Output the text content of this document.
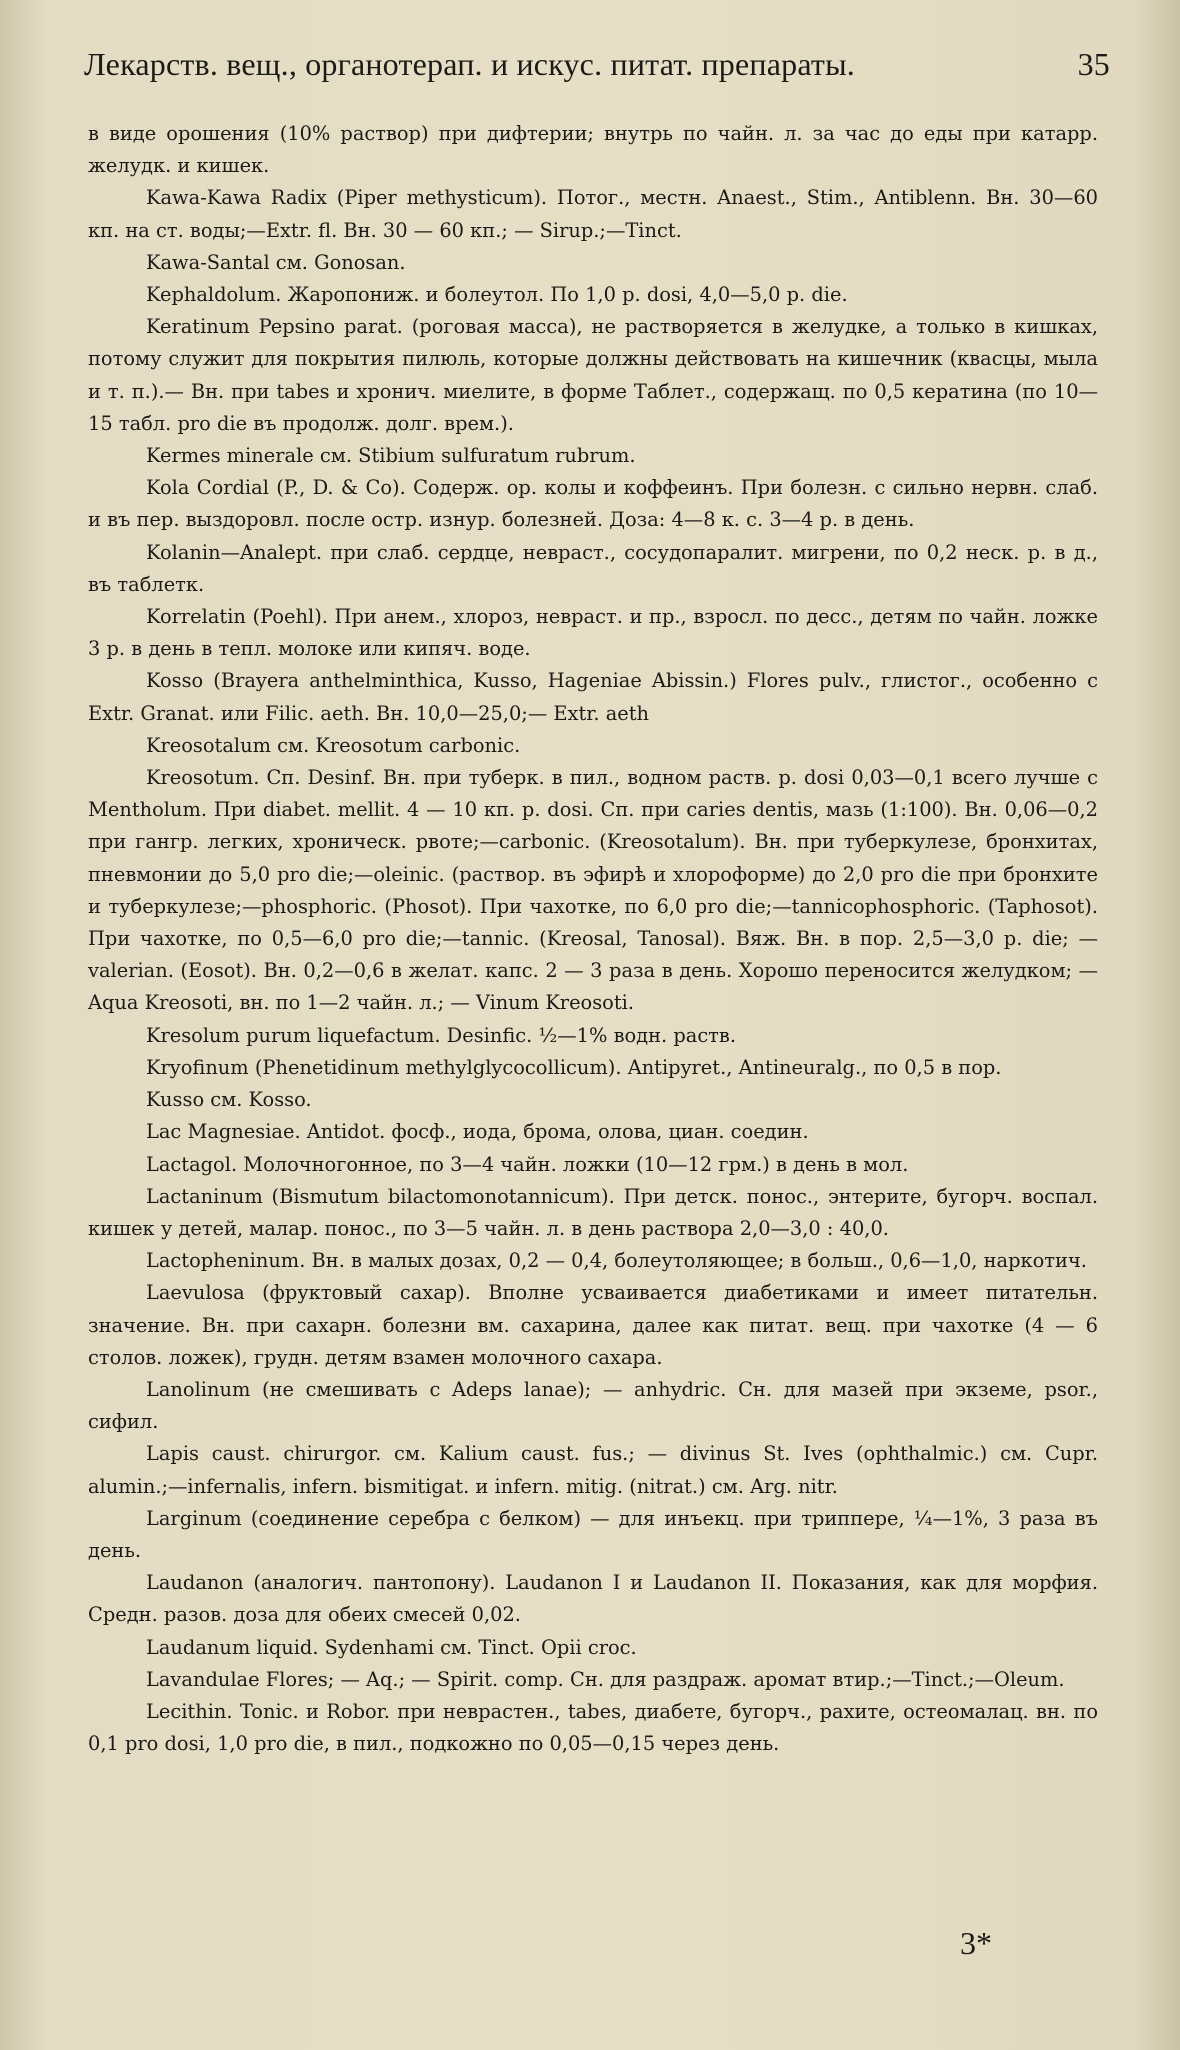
Лекарств. вещ., органотерап. и искус. питат. препараты.	35

в виде орошения (10% раствор) при дифтерии; внутрь по чайн. л. за час до еды при катарр. желудк. и кишек.

Kawa-Kawa Radix (Piper methysticum). Потог., местн. Anaest., Stim., Antiblenn. Вн. 30—60 кп. на ст. воды;—Extr. fl. Вн. 30 — 60 кп.; — Sirup.;—Tinct.

Kawa-Santal см. Gonosan.

Kephaldolum. Жаропониж. и болеутол. По 1,0 p. dosi, 4,0—5,0 p. die.

Keratinum Pepsino parat. (роговая масса), не растворяется в желудке, а только в кишках, потому служит для покрытия пилюль, которые должны действовать на кишечник (квасцы, мыла и т. п.).— Вн. при tabes и хронич. миелите, в форме Таблет., содержащ. по 0,5 кератина (по 10—15 табл. pro die въ продолж. долг. врем.).

Kermes minerale см. Stibium sulfuratum rubrum.

Kola Cordial (P., D. & Co). Содерж. ор. колы и коффеинъ. При болезн. с сильно нервн. слаб. и въ пер. выздоровл. после остр. изнур. болезней. Доза: 4—8 к. с. 3—4 р. в день.

Kolanin—Analept. при слаб. сердце, невраст., сосудопаралит. мигрени, по 0,2 неск. р. в д., въ таблетк.

Korrelatin (Poehl). При анем., хлороз, невраст. и пр., взросл. по десс., детям по чайн. ложке 3 р. в день в тепл. молоке или кипяч. воде.

Kosso (Brayera anthelminthica, Kusso, Hageniae Abissin.) Flores pulv., глистог., особенно с Extr. Granat. или Filic. aeth. Вн. 10,0—25,0;— Extr. aeth

Kreosotalum см. Kreosotum carbonic.

Kreosotum. Сп. Desinf. Вн. при туберк. в пил., водном раств. p. dosi 0,03—0,1 всего лучше с Mentholum. При diabet. mellit. 4 — 10 кп. p. dosi. Сп. при caries dentis, мазь (1:100). Вн. 0,06—0,2 при гангр. легких, хроническ. рвоте;—carbonic. (Kreosotalum). Вн. при туберкулезе, бронхитах, пневмонии до 5,0 pro die;—oleinic. (раствор. въ эфирѣ и хлороформе) до 2,0 pro die при бронхите и туберкулезе;—phosphoric. (Phosot). При чахотке, по 6,0 pro die;—tannicophosphoric. (Taphosot). При чахотке, по 0,5—6,0 pro die;—tannic. (Kreosal, Tanosal). Вяж. Вн. в пор. 2,5—3,0 p. die; — valerian. (Eosot). Вн. 0,2—0,6 в желат. капс. 2 — 3 раза в день. Хорошо переносится желудком; — Aqua Kreosoti, вн. по 1—2 чайн. л.; — Vinum Kreosoti.

Kresolum purum liquefactum. Desinfic. ½—1% водн. раств.

Kryofinum (Phenetidinum methylglycocollicum). Antipyret., Antineuralg., по 0,5 в пор.

Kusso см. Kosso.

Lac Magnesiae. Antidot. фосф., иода, брома, олова, циан. соедин.

Lactagol. Молочногонное, по 3—4 чайн. ложки (10—12 грм.) в день в мол.

Lactaninum (Bismutum bilactomonotannicum). При детск. понос., энтерите, бугорч. воспал. кишек у детей, малар. понос., по 3—5 чайн. л. в день раствора 2,0—3,0 : 40,0.

Lactopheninum. Вн. в малых дозах, 0,2 — 0,4, болеутоляющее; в больш., 0,6—1,0, наркотич.

Laevulosa (фруктовый сахар). Вполне усваивается диабетиками и имеет питательн. значение. Вн. при сахарн. болезни вм. сахарина, далее как питат. вещ. при чахотке (4 — 6 столов. ложек), грудн. детям взамен молочного сахара.

Lanolinum (не смешивать с Adeps lanae); — anhydric. Сн. для мазей при экземе, psor., сифил.

Lapis caust. chirurgor. см. Kalium caust. fus.; — divinus St. Ives (ophthalmic.) см. Cupr. alumin.;—infernalis, infern. bismitigat. и infern. mitig. (nitrat.) см. Arg. nitr.

Larginum (соединение серебра с белком) — для инъекц. при триппере, ¼—1%, 3 раза въ день.

Laudanon (аналогич. пантопону). Laudanon I и Laudanon II. Показания, как для морфия. Средн. разов. доза для обеих смесей 0,02.

Laudanum liquid. Sydenhami см. Tinct. Opii croc.

Lavandulae Flores; — Aq.; — Spirit. comp. Сн. для раздраж. аромат втир.;—Tinct.;—Oleum.

Lecithin. Tonic. и Robor. при неврастен., tabes, диабете, бугорч., рахите, остеомалац. вн. по 0,1 pro dosi, 1,0 pro die, в пил., подкожно по 0,05—0,15 через день.

3*
